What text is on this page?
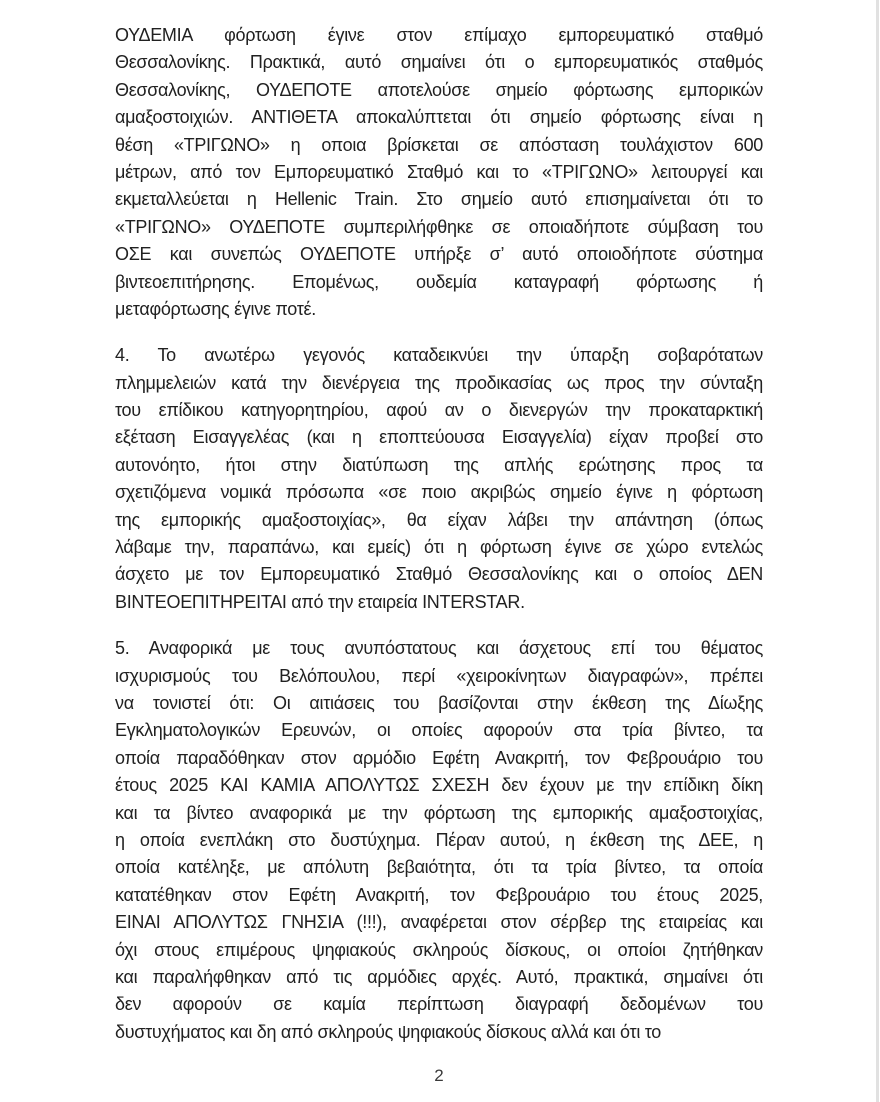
ΟΥΔΕΜΙΑ φόρτωση έγινε στον επίμαχο εμπορευματικό σταθμό
Θεσσαλονίκης. Πρακτικά, αυτό σημαίνει ότι ο εμπορευματικός σταθμός
Θεσσαλονίκης, ΟΥΔΕΠΟΤΕ αποτελούσε σημείο φόρτωσης εμπορικών
αμαξοστοιχιών. ΑΝΤΙΘΕΤΑ αποκαλύπτεται ότι σημείο φόρτωσης είναι η
θέση «ΤΡΙΓΩΝΟ» η οποια βρίσκεται σε απόσταση τουλάχιστον 600
μέτρων, από τον Εμπορευματικό Σταθμό και το «ΤΡΙΓΩΝΟ» λειτουργεί και
εκμεταλλεύεται η Hellenic Train. Στο σημείο αυτό επισημαίνεται ότι το
«ΤΡΙΓΩΝΟ» ΟΥΔΕΠΟΤΕ συμπεριλήφθηκε σε οποιαδήποτε σύμβαση του
ΟΣΕ και συνεπώς ΟΥΔΕΠΟΤΕ υπήρξε σ’ αυτό οποιοδήποτε σύστημα
βιντεοεπιτήρησης. Επομένως, ουδεμία καταγραφή φόρτωσης ή
μεταφόρτωσης έγινε ποτέ.
4. Το ανωτέρω γεγονός καταδεικνύει την ύπαρξη σοβαρότατων
πλημμελειών κατά την διενέργεια της προδικασίας ως προς την σύνταξη
του επίδικου κατηγορητηρίου, αφού αν ο διενεργών την προκαταρκτική
εξέταση Εισαγγελέας (και η εποπτεύουσα Εισαγγελία) είχαν προβεί στο
αυτονόητο, ήτοι στην διατύπωση της απλής ερώτησης προς τα
σχετιζόμενα νομικά πρόσωπα «σε ποιο ακριβώς σημείο έγινε η φόρτωση
της εμπορικής αμαξοστοιχίας», θα είχαν λάβει την απάντηση (όπως
λάβαμε την, παραπάνω, και εμείς) ότι η φόρτωση έγινε σε χώρο εντελώς
άσχετο με τον Εμπορευματικό Σταθμό Θεσσαλονίκης και ο οποίος ΔΕΝ
ΒΙΝΤΕΟΕΠΙΤΗΡΕΙΤΑΙ από την εταιρεία INTERSTAR.
5. Αναφορικά με τους ανυπόστατους και άσχετους επί του θέματος
ισχυρισμούς του Βελόπουλου, περί «χειροκίνητων διαγραφών», πρέπει
να τονιστεί ότι: Οι αιτιάσεις του βασίζονται στην έκθεση της Δίωξης
Εγκληματολογικών Ερευνών, οι οποίες αφορούν στα τρία βίντεο, τα
οποία παραδόθηκαν στον αρμόδιο Εφέτη Ανακριτή, τον Φεβρουάριο του
έτους 2025 ΚΑΙ ΚΑΜΙΑ ΑΠΟΛΥΤΩΣ ΣΧΕΣΗ δεν έχουν με την επίδικη δίκη
και τα βίντεο αναφορικά με την φόρτωση της εμπορικής αμαξοστοιχίας,
η οποία ενεπλάκη στο δυστύχημα. Πέραν αυτού, η έκθεση της ΔΕΕ, η
οποία κατέληξε, με απόλυτη βεβαιότητα, ότι τα τρία βίντεο, τα οποία
κατατέθηκαν στον Εφέτη Ανακριτή, τον Φεβρουάριο του έτους 2025,
ΕΙΝΑΙ ΑΠΟΛΥΤΩΣ ΓΝΗΣΙΑ (!!!), αναφέρεται στον σέρβερ της εταιρείας και
όχι στους επιμέρους ψηφιακούς σκληρούς δίσκους, οι οποίοι ζητήθηκαν
και παραλήφθηκαν από τις αρμόδιες αρχές. Αυτό, πρακτικά, σημαίνει ότι
δεν αφορούν σε καμία περίπτωση διαγραφή δεδομένων του
δυστυχήματος και δη από σκληρούς ψηφιακούς δίσκους αλλά και ότι το
2
